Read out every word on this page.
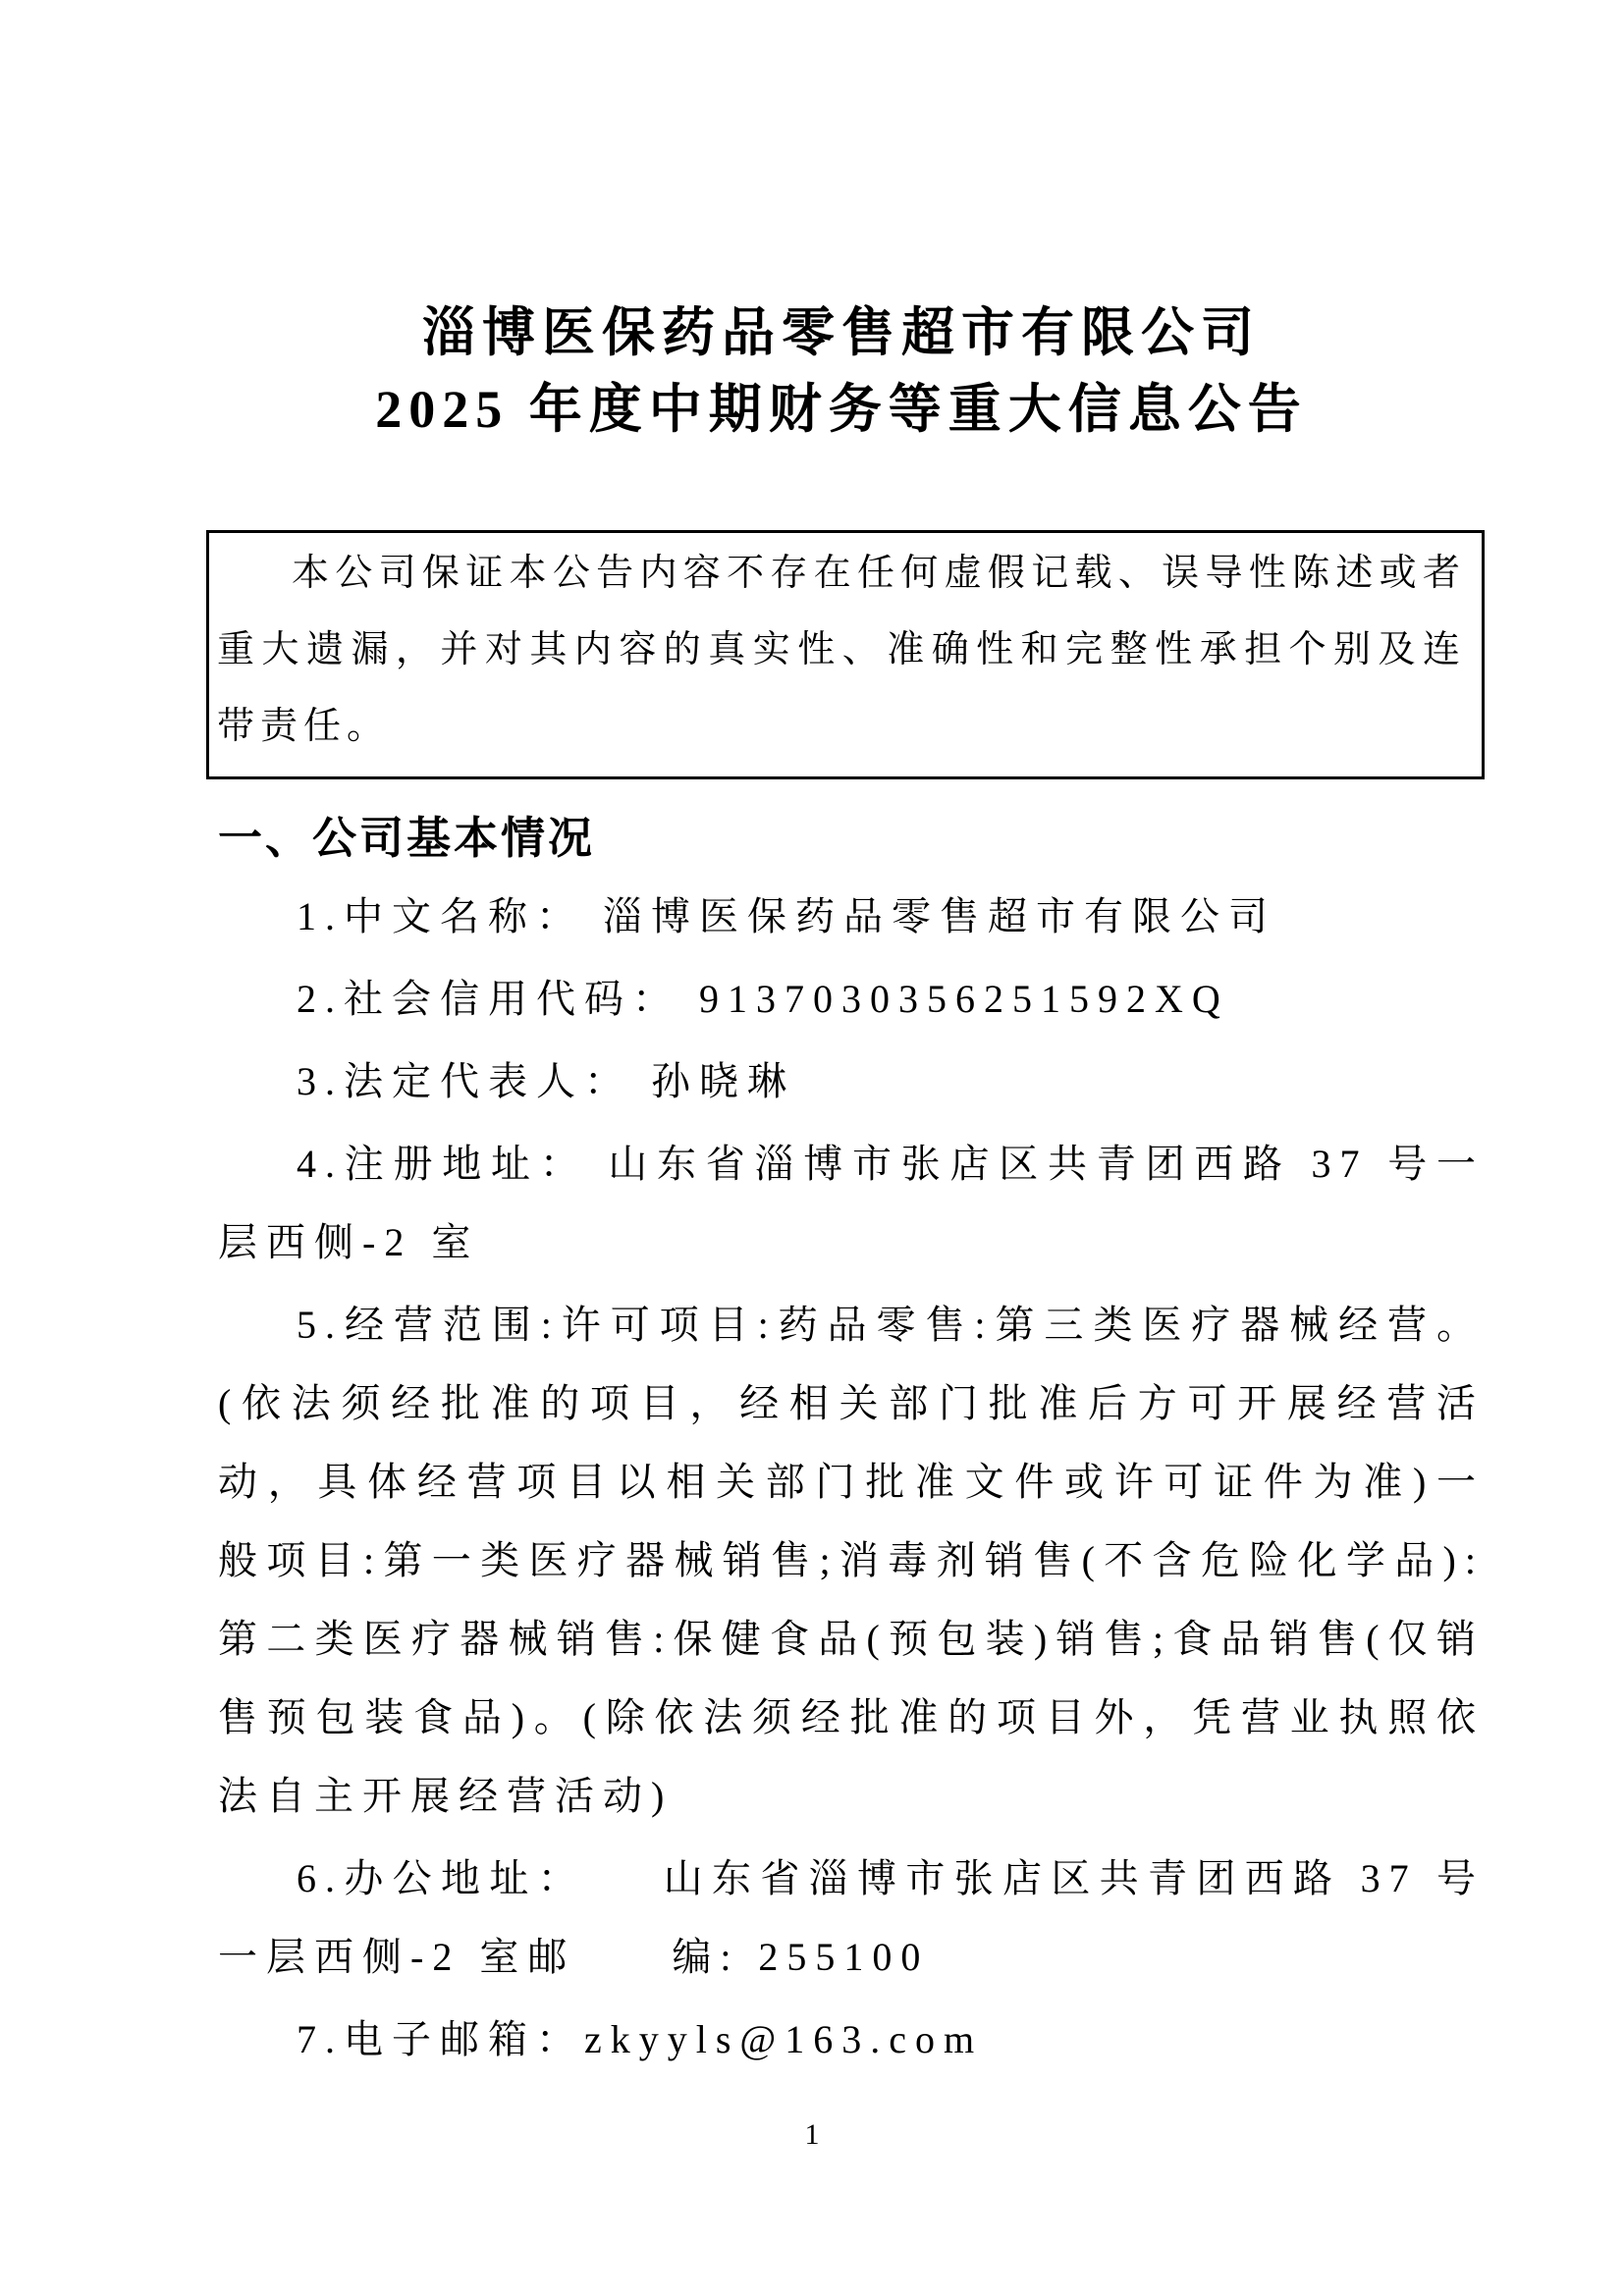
淄博医保药品零售超市有限公司
2025 年度中期财务等重大信息公告

本公司保证本公告内容不存在任何虚假记载、误导性陈述或者重大遗漏，并对其内容的真实性、准确性和完整性承担个别及连带责任。

一、公司基本情况

1.中文名称： 淄博医保药品零售超市有限公司

2.社会信用代码： 9137030356251592XQ

3.法定代表人： 孙晓琳

4.注册地址： 山东省淄博市张店区共青团西路 37 号一层西侧-2 室

5.经营范围:许可项目:药品零售:第三类医疗器械经营。(依法须经批准的项目，经相关部门批准后方可开展经营活动，具体经营项目以相关部门批准文件或许可证件为准)一般项目:第一类医疗器械销售;消毒剂销售(不含危险化学品):第二类医疗器械销售:保健食品(预包装)销售;食品销售(仅销售预包装食品)。(除依法须经批准的项目外，凭营业执照依法自主开展经营活动)

6.办公地址：　　山东省淄博市张店区共青团西路 37 号一层西侧-2 室邮　　编: 255100

7.电子邮箱：zkyyls@163.com

1
